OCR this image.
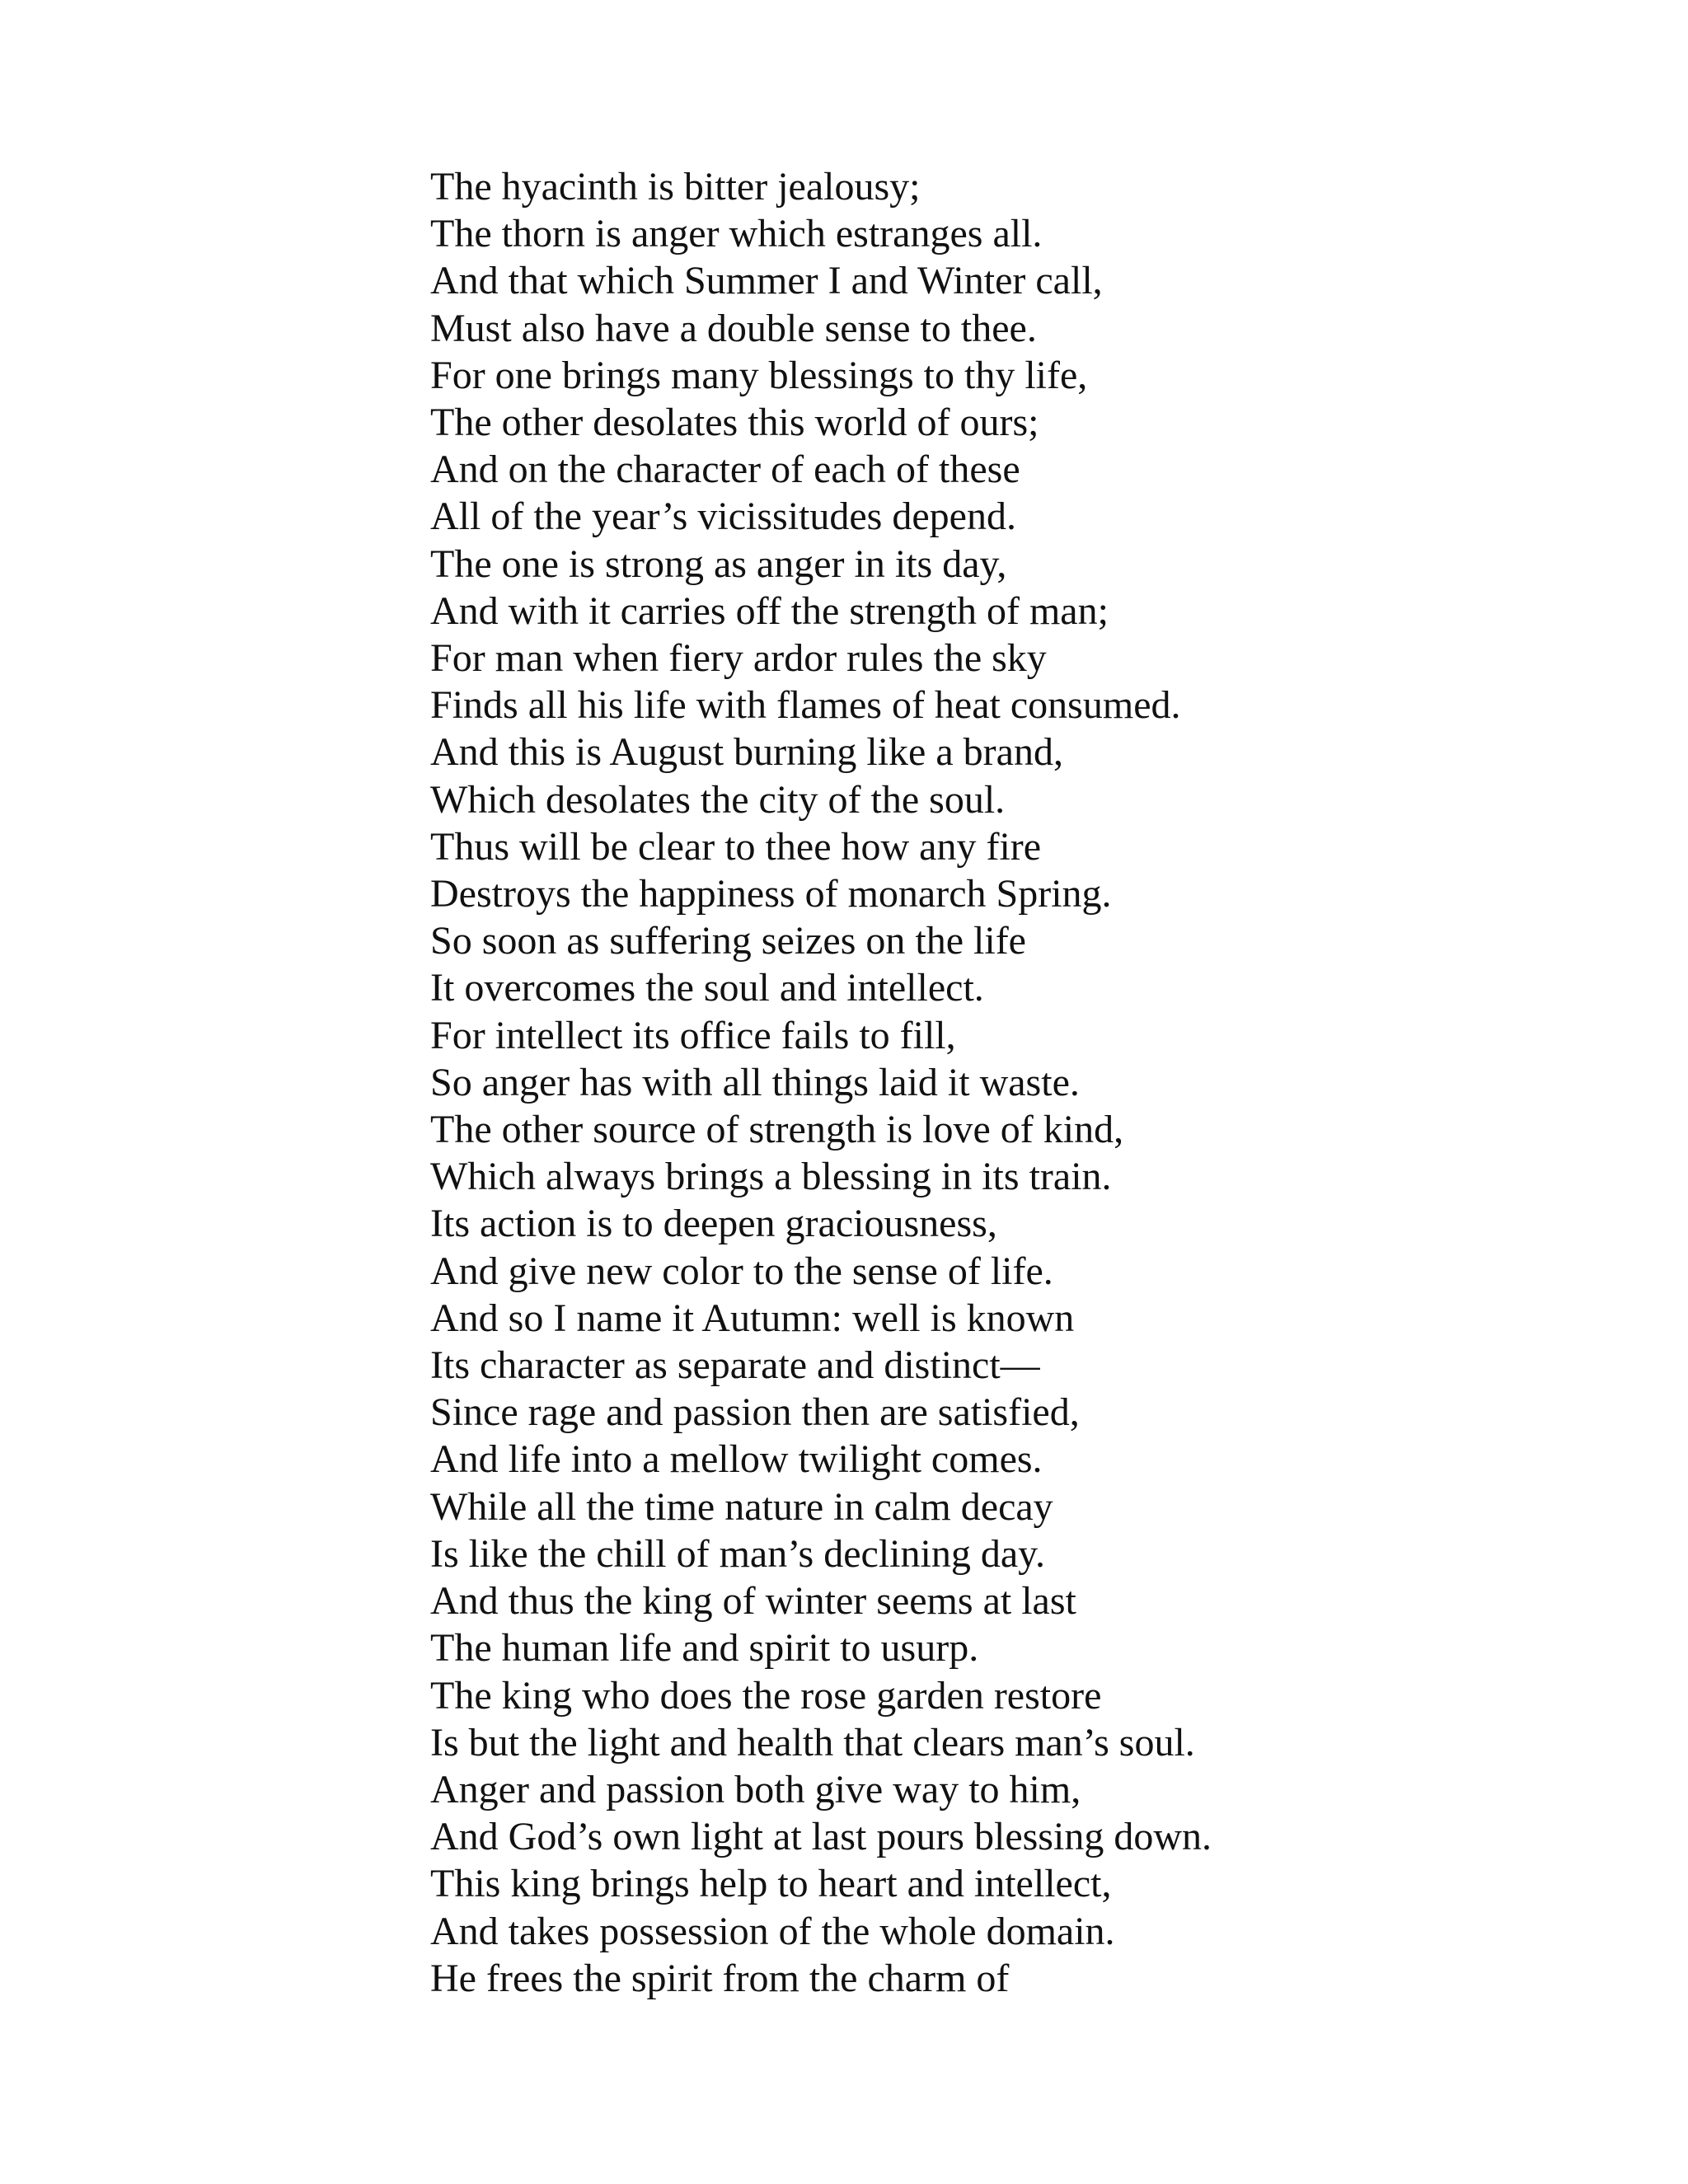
The hyacinth is bitter jealousy;
The thorn is anger which estranges all.
And that which Summer I and Winter call,
Must also have a double sense to thee.
For one brings many blessings to thy life,
The other desolates this world of ours;
And on the character of each of these
All of the year’s vicissitudes depend.
The one is strong as anger in its day,
And with it carries off the strength of man;
For man when fiery ardor rules the sky
Finds all his life with flames of heat consumed.
And this is August burning like a brand,
Which desolates the city of the soul.
Thus will be clear to thee how any fire
Destroys the happiness of monarch Spring.
So soon as suffering seizes on the life
It overcomes the soul and intellect.
For intellect its office fails to fill,
So anger has with all things laid it waste.
The other source of strength is love of kind,
Which always brings a blessing in its train.
Its action is to deepen graciousness,
And give new color to the sense of life.
And so I name it Autumn: well is known
Its character as separate and distinct—
Since rage and passion then are satisfied,
And life into a mellow twilight comes.
While all the time nature in calm decay
Is like the chill of man’s declining day.
And thus the king of winter seems at last
The human life and spirit to usurp.
The king who does the rose garden restore
Is but the light and health that clears man’s soul.
Anger and passion both give way to him,
And God’s own light at last pours blessing down.
This king brings help to heart and intellect,
And takes possession of the whole domain.
He frees the spirit from the charm of
